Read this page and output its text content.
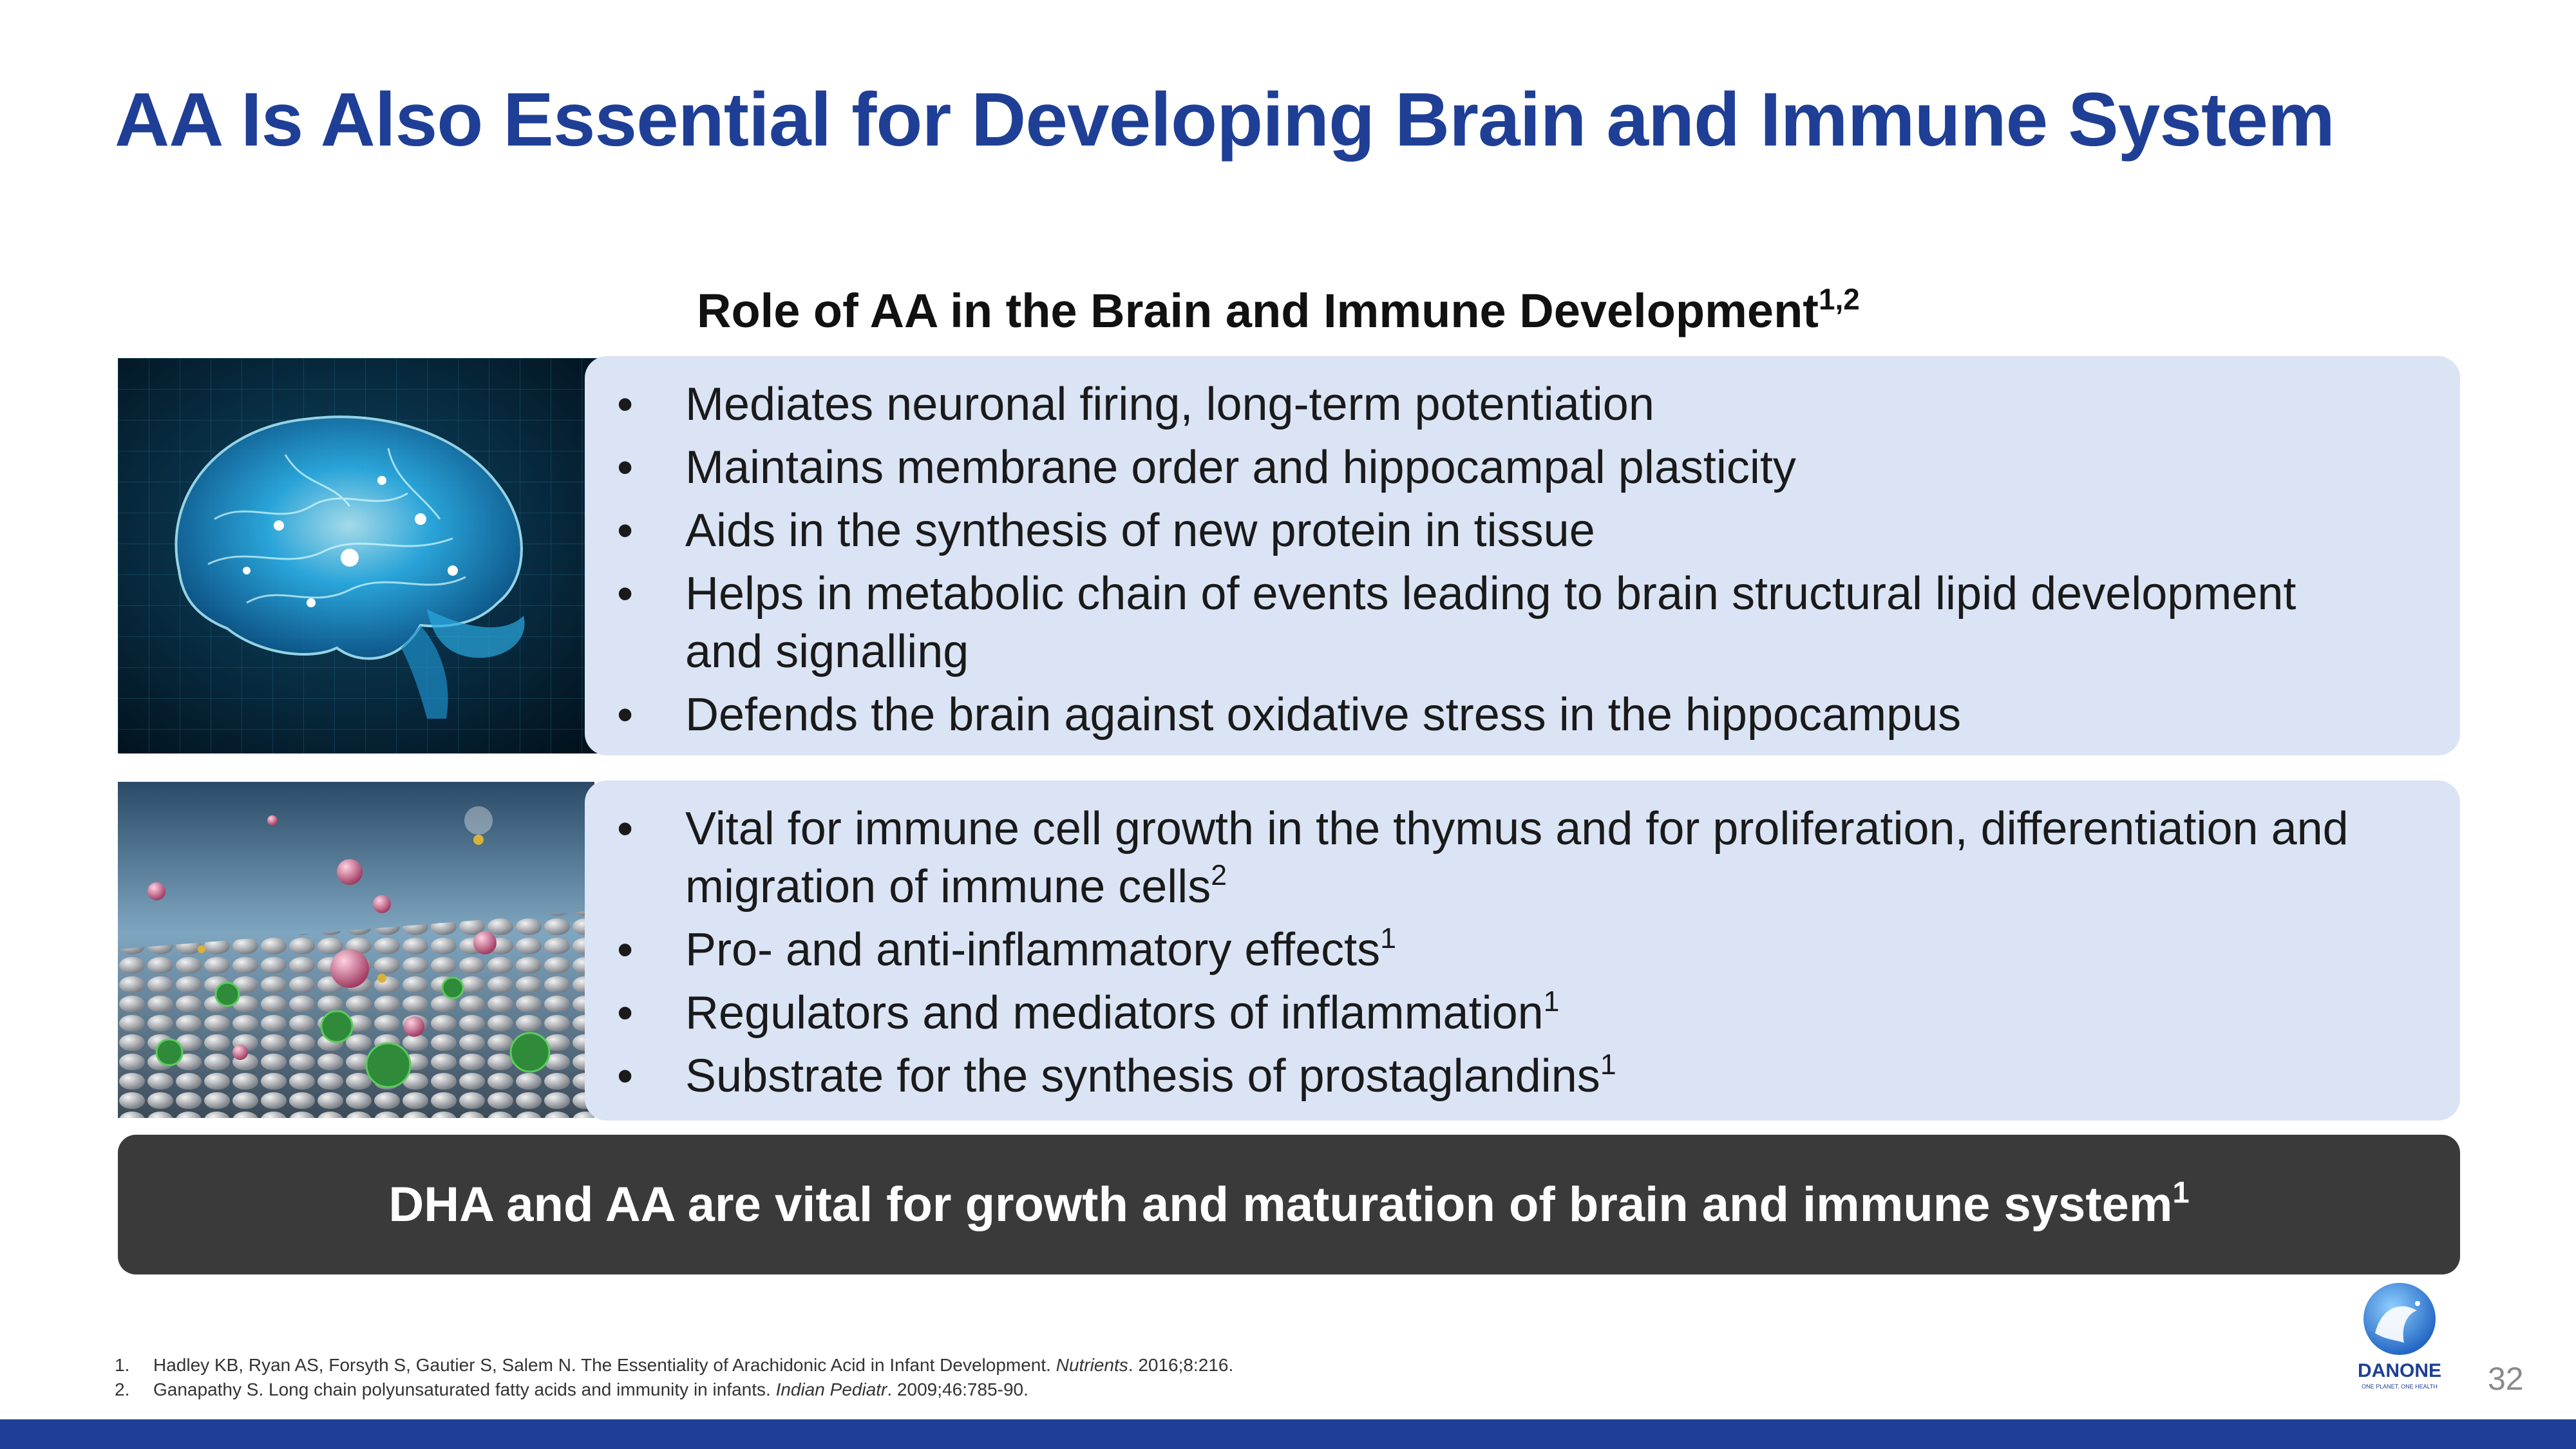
AA Is Also Essential for Developing Brain and Immune System
Role of AA in the Brain and Immune Development$^{1,2}$
• Mediates neuronal firing, long-term potentiation
• Maintains membrane order and hippocampal plasticity
• Aids in the synthesis of new protein in tissue
• Helps in metabolic chain of events leading to brain structural lipid development and signalling
• Defends the brain against oxidative stress in the hippocampus
• Vital for immune cell growth in the thymus and for proliferation, differentiation and migration of immune cells$^2$
• Pro- and anti-inflammatory effects$^1$
• Regulators and mediators of inflammation$^1$
• Substrate for the synthesis of prostaglandins$^1$
DHA and AA are vital for growth and maturation of brain and immune system$^1$
1. Hadley KB, Ryan AS, Forsyth S, Gautier S, Salem N. The Essentiality of Arachidonic Acid in Infant Development. Nutrients. 2016;8:216.
2. Ganapathy S. Long chain polyunsaturated fatty acids and immunity in infants. Indian Pediatr. 2009;46:785-90.
DANONE
ONE PLANET. ONE HEALTH 32
